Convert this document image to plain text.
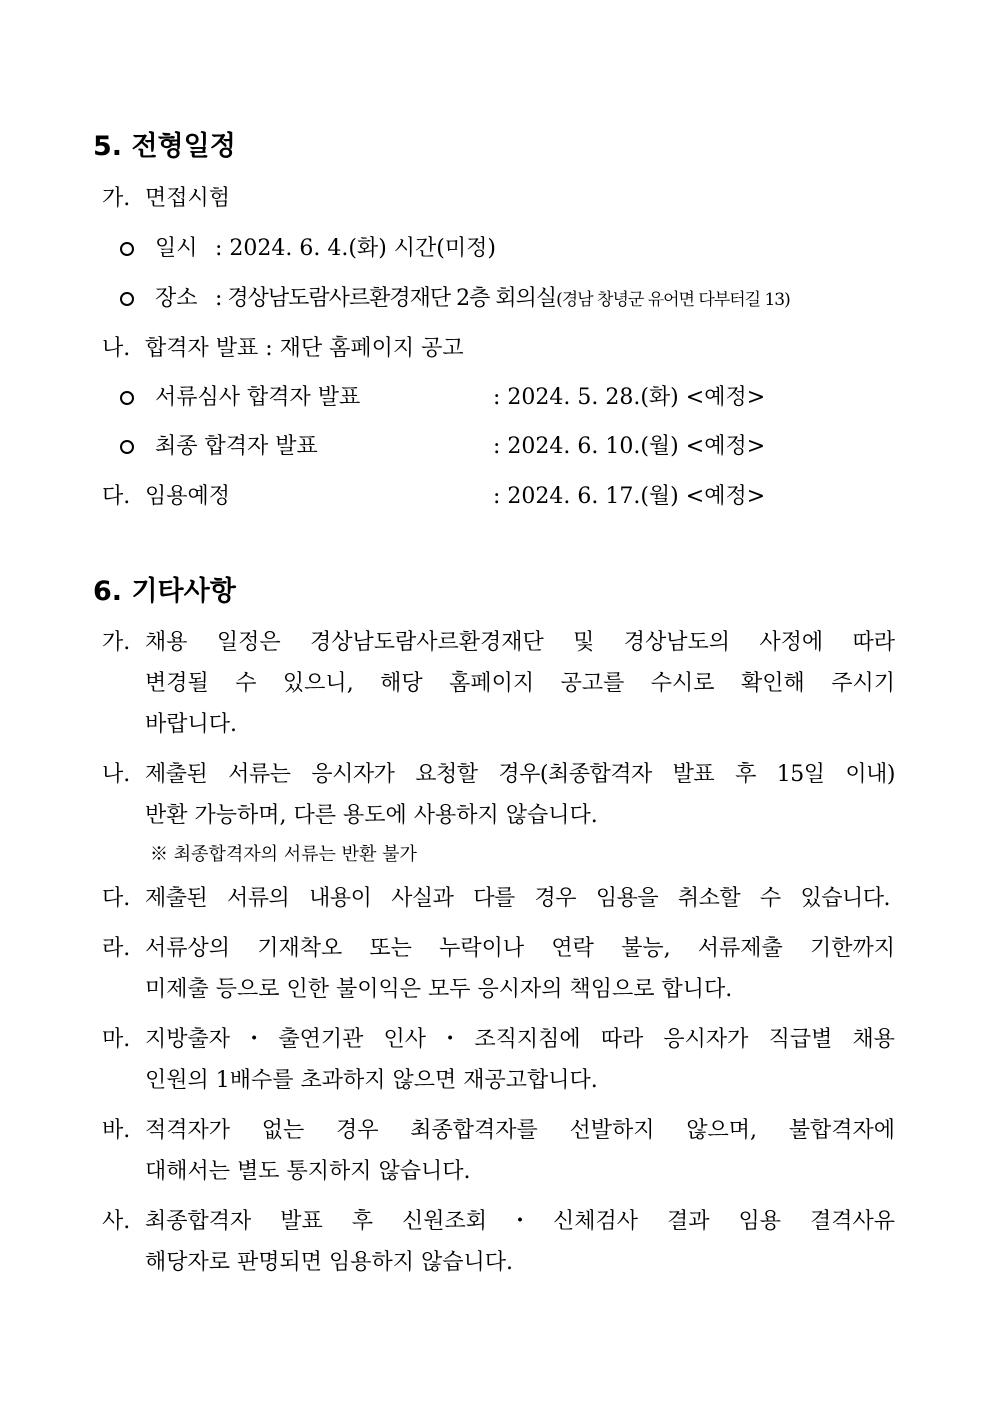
5. 전형일정
가. 면접시험
일시 : 2024. 6. 4.(화) 시간(미정)
장소 : 경상남도람사르환경재단 2층 회의실(경남 창녕군 유어면 다부터길 13)
나. 합격자 발표 : 재단 홈페이지 공고
서류심사 합격자 발표	: 2024. 5. 28.(화) <예정>
최종 합격자 발표	: 2024. 6. 10.(월) <예정>
다. 임용예정	: 2024. 6. 17.(월) <예정>
6. 기타사항
가. 채용 일정은 경상남도람사르환경재단 및 경상남도의 사정에 따라
변경될 수 있으니, 해당 홈페이지 공고를 수시로 확인해 주시기
바랍니다.
나. 제출된 서류는 응시자가 요청할 경우(최종합격자 발표 후 15일 이내)
반환 가능하며, 다른 용도에 사용하지 않습니다.
※ 최종합격자의 서류는 반환 불가
다. 제출된 서류의 내용이 사실과 다를 경우 임용을 취소할 수 있습니다.
라. 서류상의 기재착오 또는 누락이나 연락 불능, 서류제출 기한까지
미제출 등으로 인한 불이익은 모두 응시자의 책임으로 합니다.
마. 지방출자・출연기관 인사・조직지침에 따라 응시자가 직급별 채용
인원의 1배수를 초과하지 않으면 재공고합니다.
바. 적격자가 없는 경우 최종합격자를 선발하지 않으며, 불합격자에
대해서는 별도 통지하지 않습니다.
사. 최종합격자 발표 후 신원조회・신체검사 결과 임용 결격사유
해당자로 판명되면 임용하지 않습니다.
